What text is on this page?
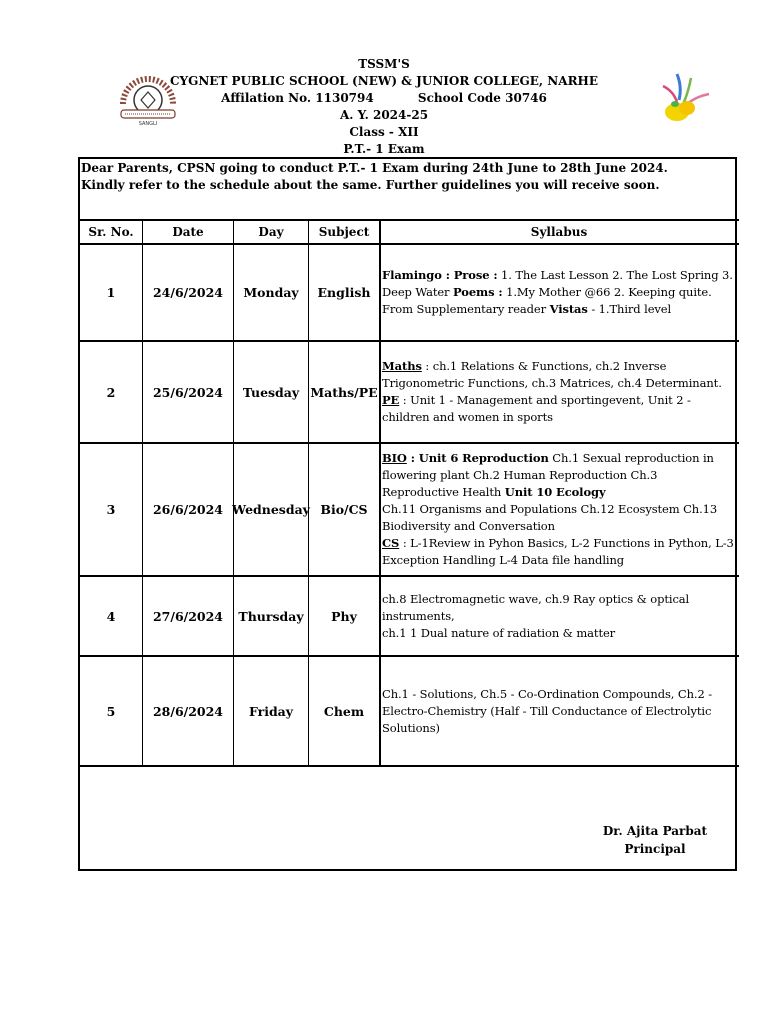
TSSM'S
CYGNET PUBLIC SCHOOL (NEW) & JUNIOR COLLEGE, NARHE
Affilation No. 1130794	School Code 30746
A. Y. 2024-25
Class - XII
P.T.- 1 Exam
SANGLI
Dear Parents, CPSN going to conduct P.T.- 1 Exam during 24th June to 28th June 2024.
Kindly refer to the schedule about the same. Further guidelines you will receive soon.
Sr. No.	Date	Day	Subject	Syllabus
1	24/6/2024	Monday	English
Flamingo : Prose : 1. The Last Lesson 2. The Lost Spring 3. Deep Water Poems : 1.My Mother @66 2. Keeping quite. From Supplementary reader Vistas - 1.Third level
2	25/6/2024	Tuesday Maths/PE
Maths : ch.1 Relations & Functions, ch.2 Inverse Trigonometric Functions, ch.3 Matrices, ch.4 Determinant.
PE : Unit 1 - Management and sportingevent, Unit 2 - children and women in sports
3	26/6/2024 Wednesday Bio/CS
BIO : Unit 6 Reproduction Ch.1 Sexual reproduction in flowering plant Ch.2 Human Reproduction Ch.3 Reproductive Health Unit 10 Ecology
Ch.11 Organisms and Populations Ch.12 Ecosystem Ch.13 Biodiversity and Conversation
CS : L-1Review in Pyhon Basics, L-2 Functions in Python, L-3 Exception Handling L-4 Data file handling
4	27/6/2024	Thursday	Phy
ch.8 Electromagnetic wave, ch.9 Ray optics & optical instruments,
ch.1 1 Dual nature of radiation & matter
5	28/6/2024	Friday	Chem
Ch.1 - Solutions, Ch.5 - Co-Ordination Compounds, Ch.2 - Electro-Chemistry (Half - Till Conductance of Electrolytic Solutions)
Dr. Ajita Parbat
Principal
